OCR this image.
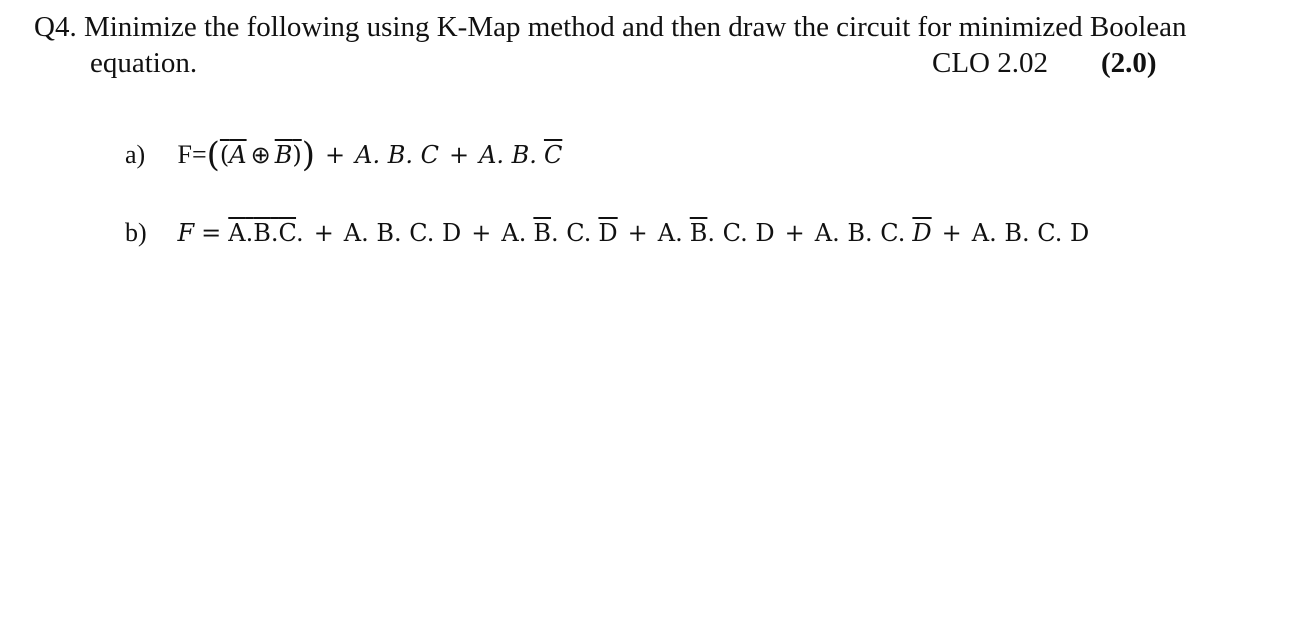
Q4. Minimize the following using K-Map method and then draw the circuit for minimized Boolean
equation.	CLO 2.02 (2.0)
a) F=((A ⊕ B)) + A. B. C + A. B. $\overline{C}$
b) F = A.B.C. + A. B. C. D + A. $\overline{B}$. C. $\overline{D} + A$. $\overline{B}$. C. D + A. B. C. $\overline{D} + A$. B. C. D
